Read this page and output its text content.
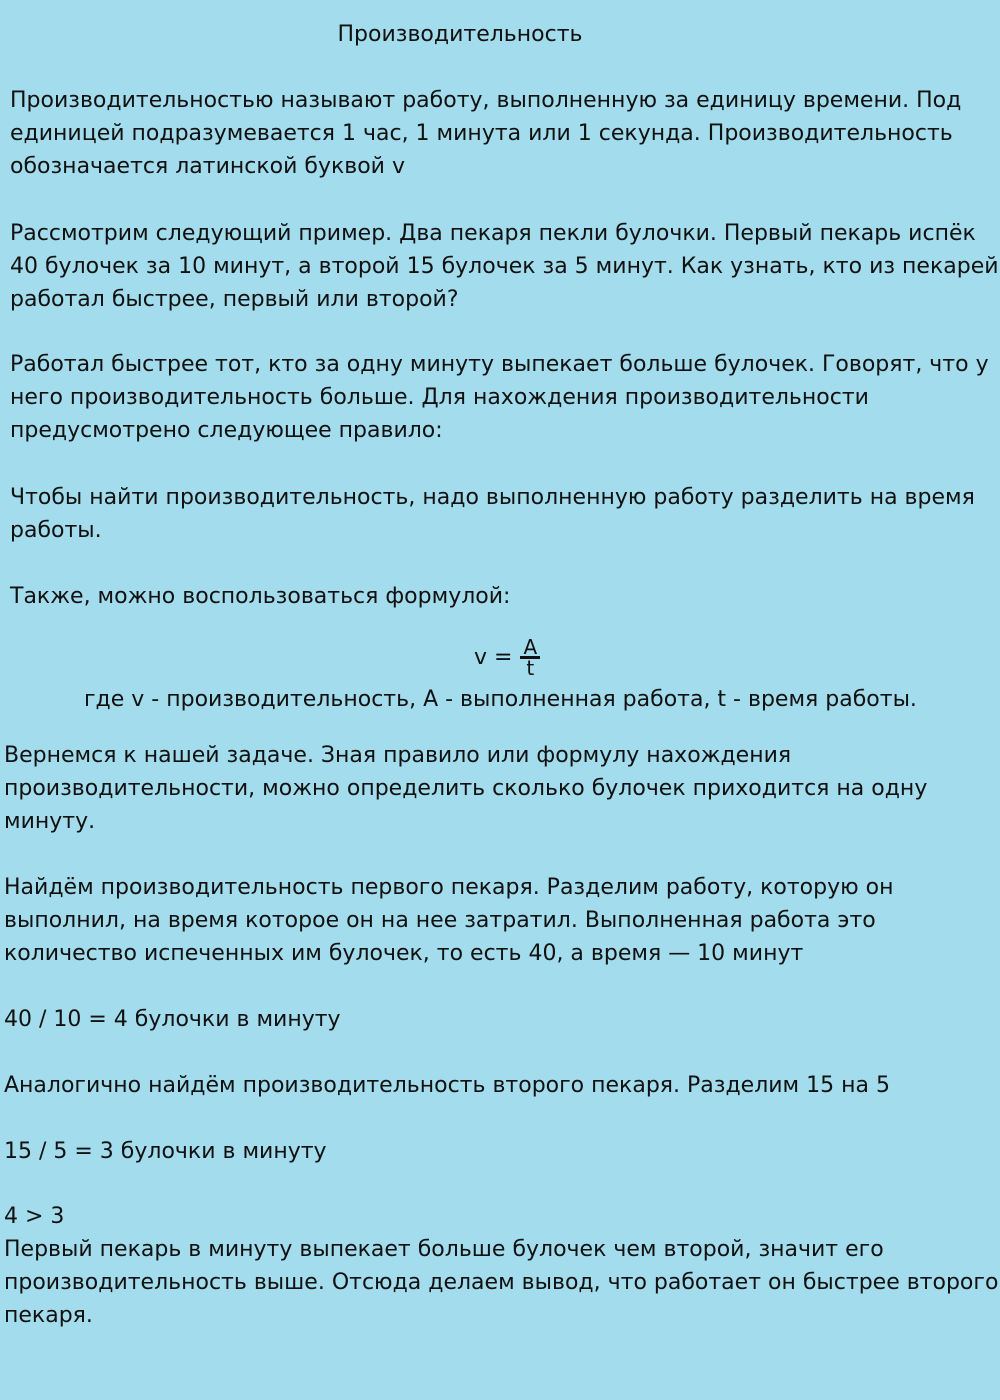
Производительность

Производительностью называют работу, выполненную за единицу времени. Под
единицей подразумевается 1 час, 1 минута или 1 секунда. Производительность
обозначается латинской буквой v

Рассмотрим следующий пример. Два пекаря пекли булочки. Первый пекарь испёк
40 булочек за 10 минут, а второй 15 булочек за 5 минут. Как узнать, кто из пекарей
работал быстрее, первый или второй?

Работал быстрее тот, кто за одну минуту выпекает больше булочек. Говорят, что у
него производительность больше. Для нахождения производительности
предусмотрено следующее правило:

Чтобы найти производительность, надо выполненную работу разделить на время
работы.

Также, можно воспользоваться формулой:

$v = \frac{A}{t}$

где v - производительность, A - выполненная работа, t - время работы.

Вернемся к нашей задаче. Зная правило или формулу нахождения
производительности, можно определить сколько булочек приходится на одну
минуту.

Найдём производительность первого пекаря. Разделим работу, которую он
выполнил, на время которое он на нее затратил. Выполненная работа это
количество испеченных им булочек, то есть 40, а время — 10 минут

40 / 10 = 4 булочки в минуту

Аналогично найдём производительность второго пекаря. Разделим 15 на 5

15 / 5 = 3 булочки в минуту

4 > 3

Первый пекарь в минуту выпекает больше булочек чем второй, значит его
производительность выше. Отсюда делаем вывод, что работает он быстрее второго
пекаря.
